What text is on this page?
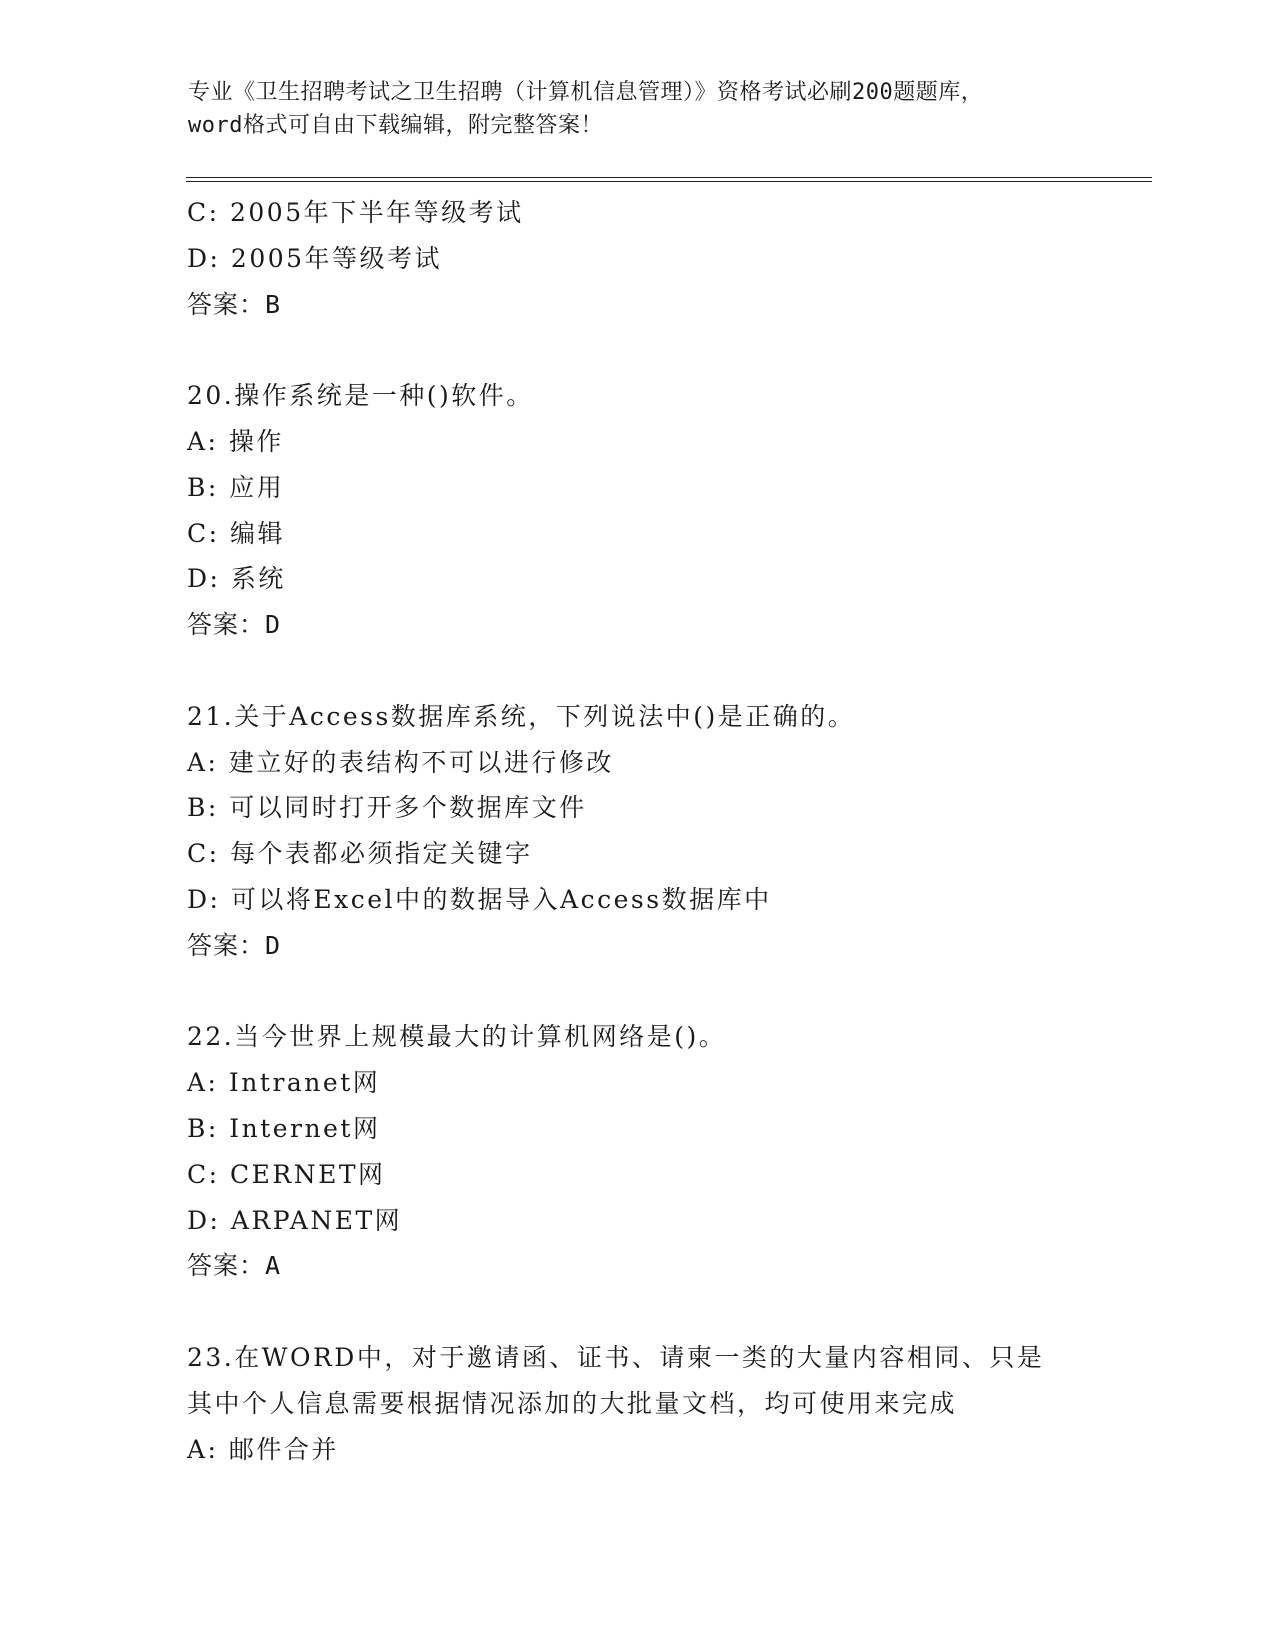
专业《卫生招聘考试之卫生招聘（计算机信息管理）》资格考试必刷200题题库，
word格式可自由下载编辑，附完整答案！
C: 2005年下半年等级考试
D: 2005年等级考试
答案：B
20.操作系统是一种()软件。
A: 操作
B: 应用
C: 编辑
D: 系统
答案：D
21.关于Access数据库系统，下列说法中()是正确的。
A: 建立好的表结构不可以进行修改
B: 可以同时打开多个数据库文件
C: 每个表都必须指定关键字
D: 可以将Excel中的数据导入Access数据库中
答案：D
22.当今世界上规模最大的计算机网络是()。
A: Intranet网
B: Internet网
C: CERNET网
D: ARPANET网
答案：A
23.在WORD中，对于邀请函、证书、请柬一类的大量内容相同、只是
其中个人信息需要根据情况添加的大批量文档，均可使用来完成
A: 邮件合并
